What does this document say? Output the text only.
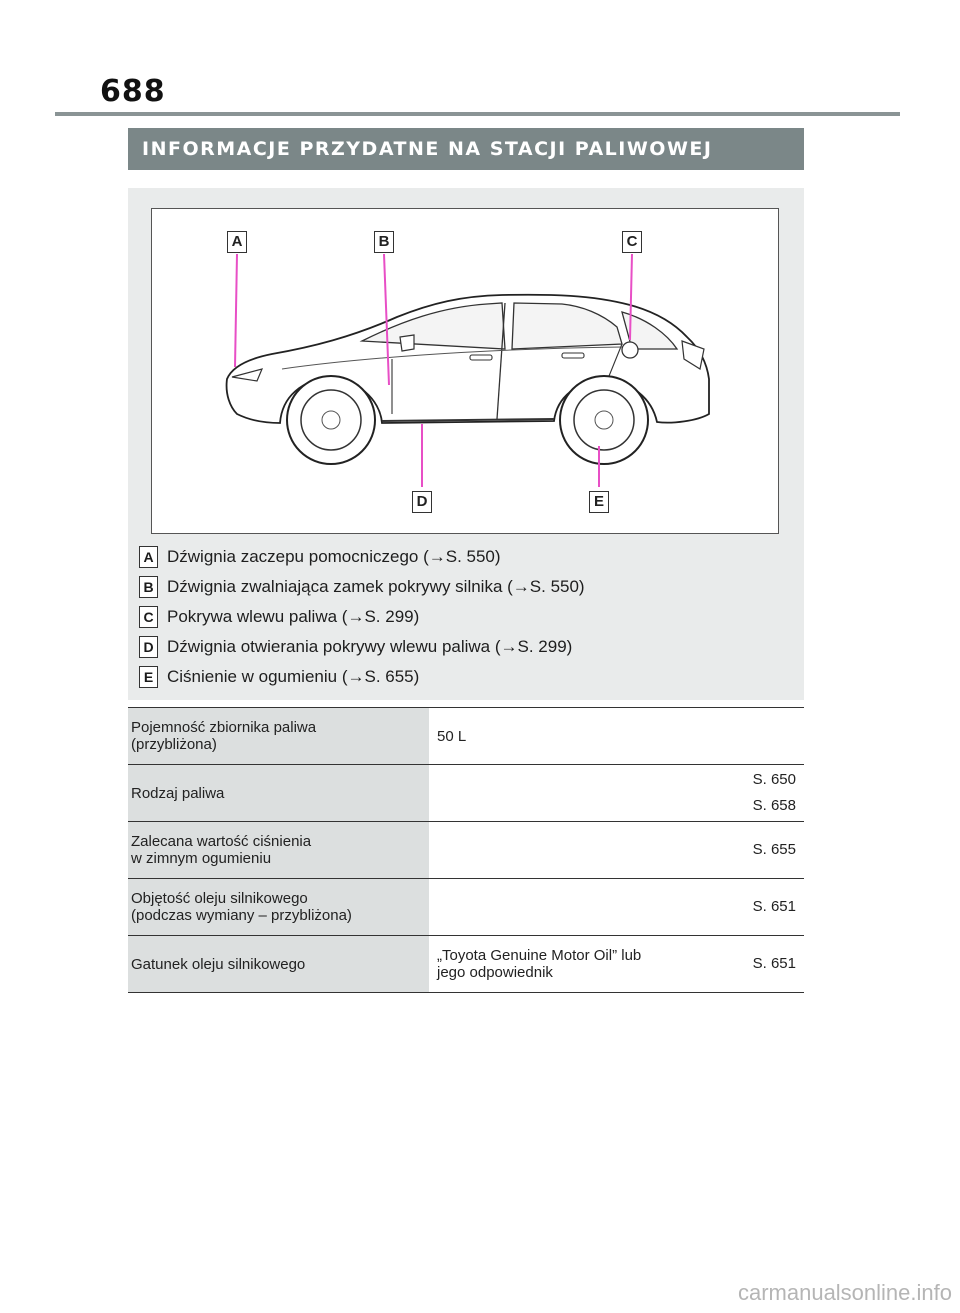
688
INFORMACJE PRZYDATNE NA STACJI PALIWOWEJ
A	B	C
D	E
A Dźwignia zaczepu pomocniczego (→S. 550)
B Dźwignia zwalniająca zamek pokrywy silnika (→S. 550)
C Pokrywa wlewu paliwa (→S. 299)
D Dźwignia otwierania pokrywy wlewu paliwa (→S. 299)
E Ciśnienie w ogumieniu (→S. 655)
Pojemność zbiornika paliwa
(przybliżona)	50 L	

Rodzaj paliwa		S. 650
S. 658

Zalecana wartość ciśnienia
w zimnym ogumieniu		S. 655

Objętość oleju silnikowego
(podczas wymiany – przybliżona)		S. 651

Gatunek oleju silnikowego	„Toyota Genuine Motor Oil” lub
jego odpowiednik	S. 651
carmanualsonline.info
